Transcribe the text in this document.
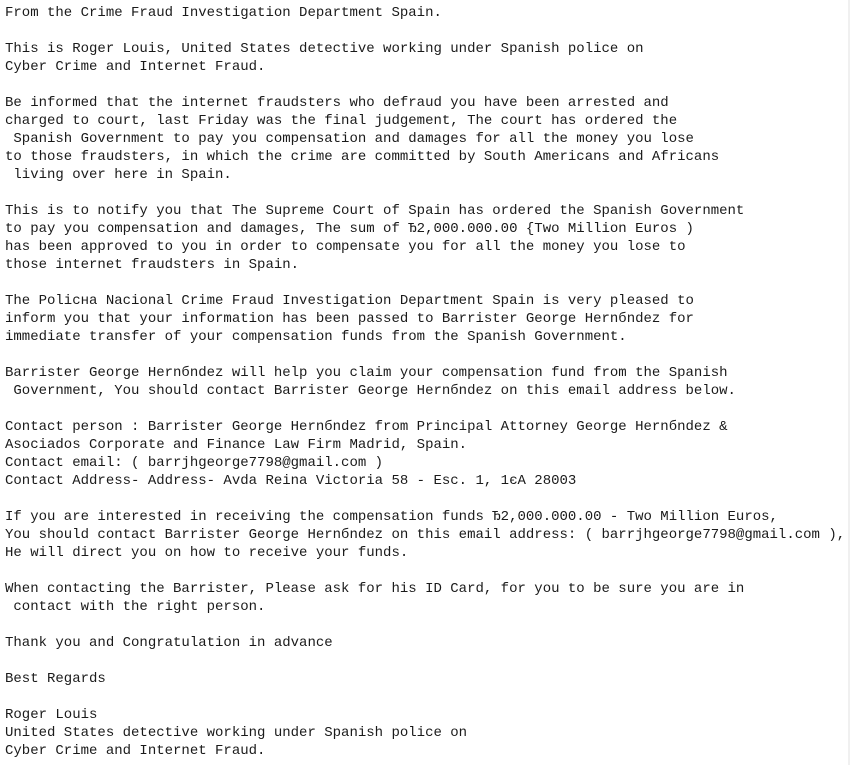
From the Crime Fraud Investigation Department Spain.
This is Roger Louis, United States detective working under Spanish police on
Cyber Crime and Internet Fraud.
Be informed that the internet fraudsters who defraud you have been arrested and
charged to court, last Friday was the final judgement, The court has ordered the
Spanish Government to pay you compensation and damages for all the money you lose
to those fraudsters, in which the crime are committed by South Americans and Africans
living over here in Spain.
This is to notify you that The Supreme Court of Spain has ordered the Spanish Government
to pay you compensation and damages, The sum of Ђ2,000.000.00 {Two Million Euros )
has been approved to you in order to compensate you for all the money you lose to
those internet fraudsters in Spain.
The Policнa Nacional Crime Fraud Investigation Department Spain is very pleased to
inform you that your information has been passed to Barrister George Hernбndez for
immediate transfer of your compensation funds from the Spanish Government.
Barrister George Hernбndez will help you claim your compensation fund from the Spanish
Government, You should contact Barrister George Hernбndez on this email address below.
Contact person : Barrister George Hernбndez from Principal Attorney George Hernбndez &
Asociados Corporate and Finance Law Firm Madrid, Spain.
Contact email: ( barrjhgeorge7798@gmail.com )
Contact Address- Address- Avda Reina Victoria 58 - Esc. 1, 1єA 28003
If you are interested in receiving the compensation funds Ђ2,000.000.00 - Two Million Euros,
You should contact Barrister George Hernбndez on this email address: ( barrjhgeorge7798@gmail.com ),
He will direct you on how to receive your funds.
When contacting the Barrister, Please ask for his ID Card, for you to be sure you are in
contact with the right person.
Thank you and Congratulation in advance
Best Regards
Roger Louis
United States detective working under Spanish police on
Cyber Crime and Internet Fraud.
